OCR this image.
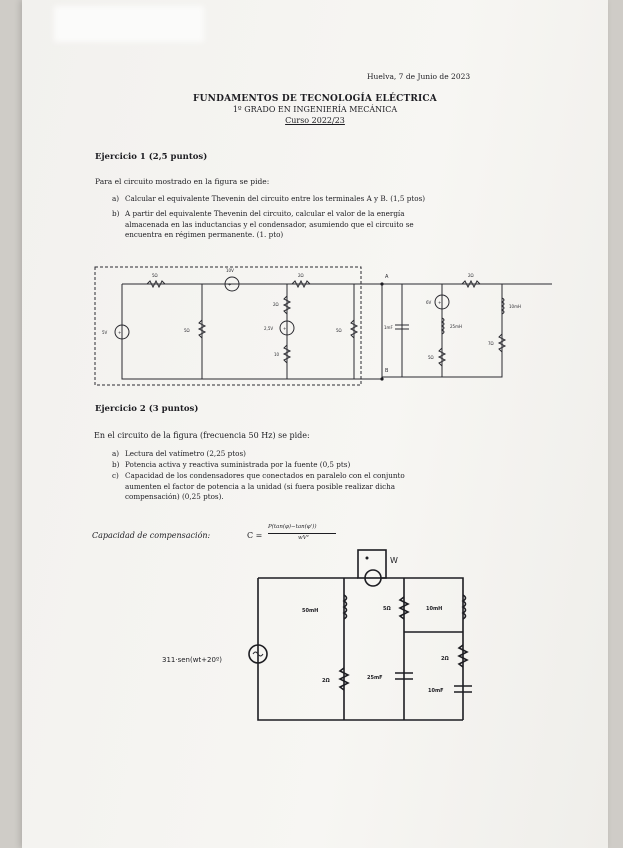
Huelva, 7 de Junio de 2023
FUNDAMENTOS DE TECNOLOGÍA ELÉCTRICA
1º GRADO EN INGENIERÍA MECÁNICA
Curso 2022/23
Ejercicio 1 (2,5 puntos)
Para el circuito mostrado en la figura se pide:
a) Calcular el equivalente Thevenin del circuito entre los terminales A y B. (1,5 ptos)
b) A partir del equivalente Thevenin del circuito, calcular el valor de la energía
almacenada en las inductancias y el condensador, asumiendo que el circuito se
encuentra en régimen permanente. (1. pto)
+
5V
5Ω
+
10V
2Ω
5Ω
2Ω
+
2,5V
10
5Ω
1mF
A
B
+
6V
25mH
5Ω
2Ω
7Ω
10mH
Ejercicio 2 (3 puntos)
En el circuito de la figura (frecuencia 50 Hz) se pide:
a) Lectura del vatímetro (2,25 ptos)
b) Potencia activa y reactiva suministrada por la fuente (0,5 pts)
c) Capacidad de los condensadores que conectados en paralelo con el conjunto
aumenten el factor de potencia a la unidad (si fuera posible realizar dicha
compensación) (0,25 ptos).
Capacidad de compensación:	C =
P(tan(φ)−tan(φ'))
wV²
311·sen(wt+20º)
W
50mH
2Ω
5Ω
25mF
10mH
2Ω
10mF
